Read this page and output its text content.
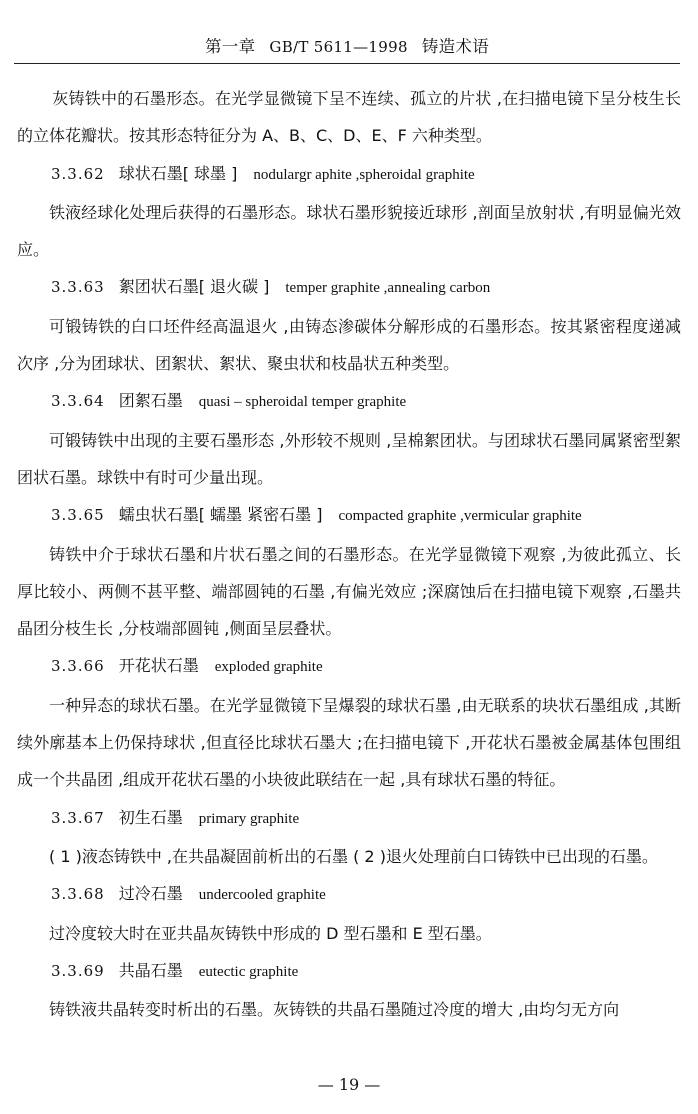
第一章 GB/T 5611—1998 铸造术语

灰铸铁中的石墨形态。在光学显微镜下呈不连续、孤立的片状 ,在扫描电镜下呈分枝生长的立体花瓣状。按其形态特征分为 A、B、C、D、E、F 六种类型。

3.3.62 球状石墨[ 球墨 ] nodulargr aphite ,spheroidal graphite

铁液经球化处理后获得的石墨形态。球状石墨形貌接近球形 ,剖面呈放射状 ,有明显偏光效应。

3.3.63 絮团状石墨[ 退火碳 ] temper graphite ,annealing carbon

可锻铸铁的白口坯件经高温退火 ,由铸态渗碳体分解形成的石墨形态。按其紧密程度递减次序 ,分为团球状、团絮状、絮状、聚虫状和枝晶状五种类型。

3.3.64 团絮石墨 quasi – spheroidal temper graphite

可锻铸铁中出现的主要石墨形态 ,外形较不规则 ,呈棉絮团状。与团球状石墨同属紧密型絮团状石墨。球铁中有时可少量出现。

3.3.65 蠕虫状石墨[ 蠕墨 紧密石墨 ] compacted graphite ,vermicular graphite

铸铁中介于球状石墨和片状石墨之间的石墨形态。在光学显微镜下观察 ,为彼此孤立、长厚比较小、两侧不甚平整、端部圆钝的石墨 ,有偏光效应 ;深腐蚀后在扫描电镜下观察 ,石墨共晶团分枝生长 ,分枝端部圆钝 ,侧面呈层叠状。

3.3.66 开花状石墨 exploded graphite

一种异态的球状石墨。在光学显微镜下呈爆裂的球状石墨 ,由无联系的块状石墨组成 ,其断续外廓基本上仍保持球状 ,但直径比球状石墨大 ;在扫描电镜下 ,开花状石墨被金属基体包围组成一个共晶团 ,组成开花状石墨的小块彼此联结在一起 ,具有球状石墨的特征。

3.3.67 初生石墨 primary graphite

( 1 )液态铸铁中 ,在共晶凝固前析出的石墨 ( 2 )退火处理前白口铸铁中已出现的石墨。

3.3.68 过冷石墨 undercooled graphite

过冷度较大时在亚共晶灰铸铁中形成的 D 型石墨和 E 型石墨。

3.3.69 共晶石墨 eutectic graphite

铸铁液共晶转变时析出的石墨。灰铸铁的共晶石墨随过冷度的增大 ,由均匀无方向

— 19 —
